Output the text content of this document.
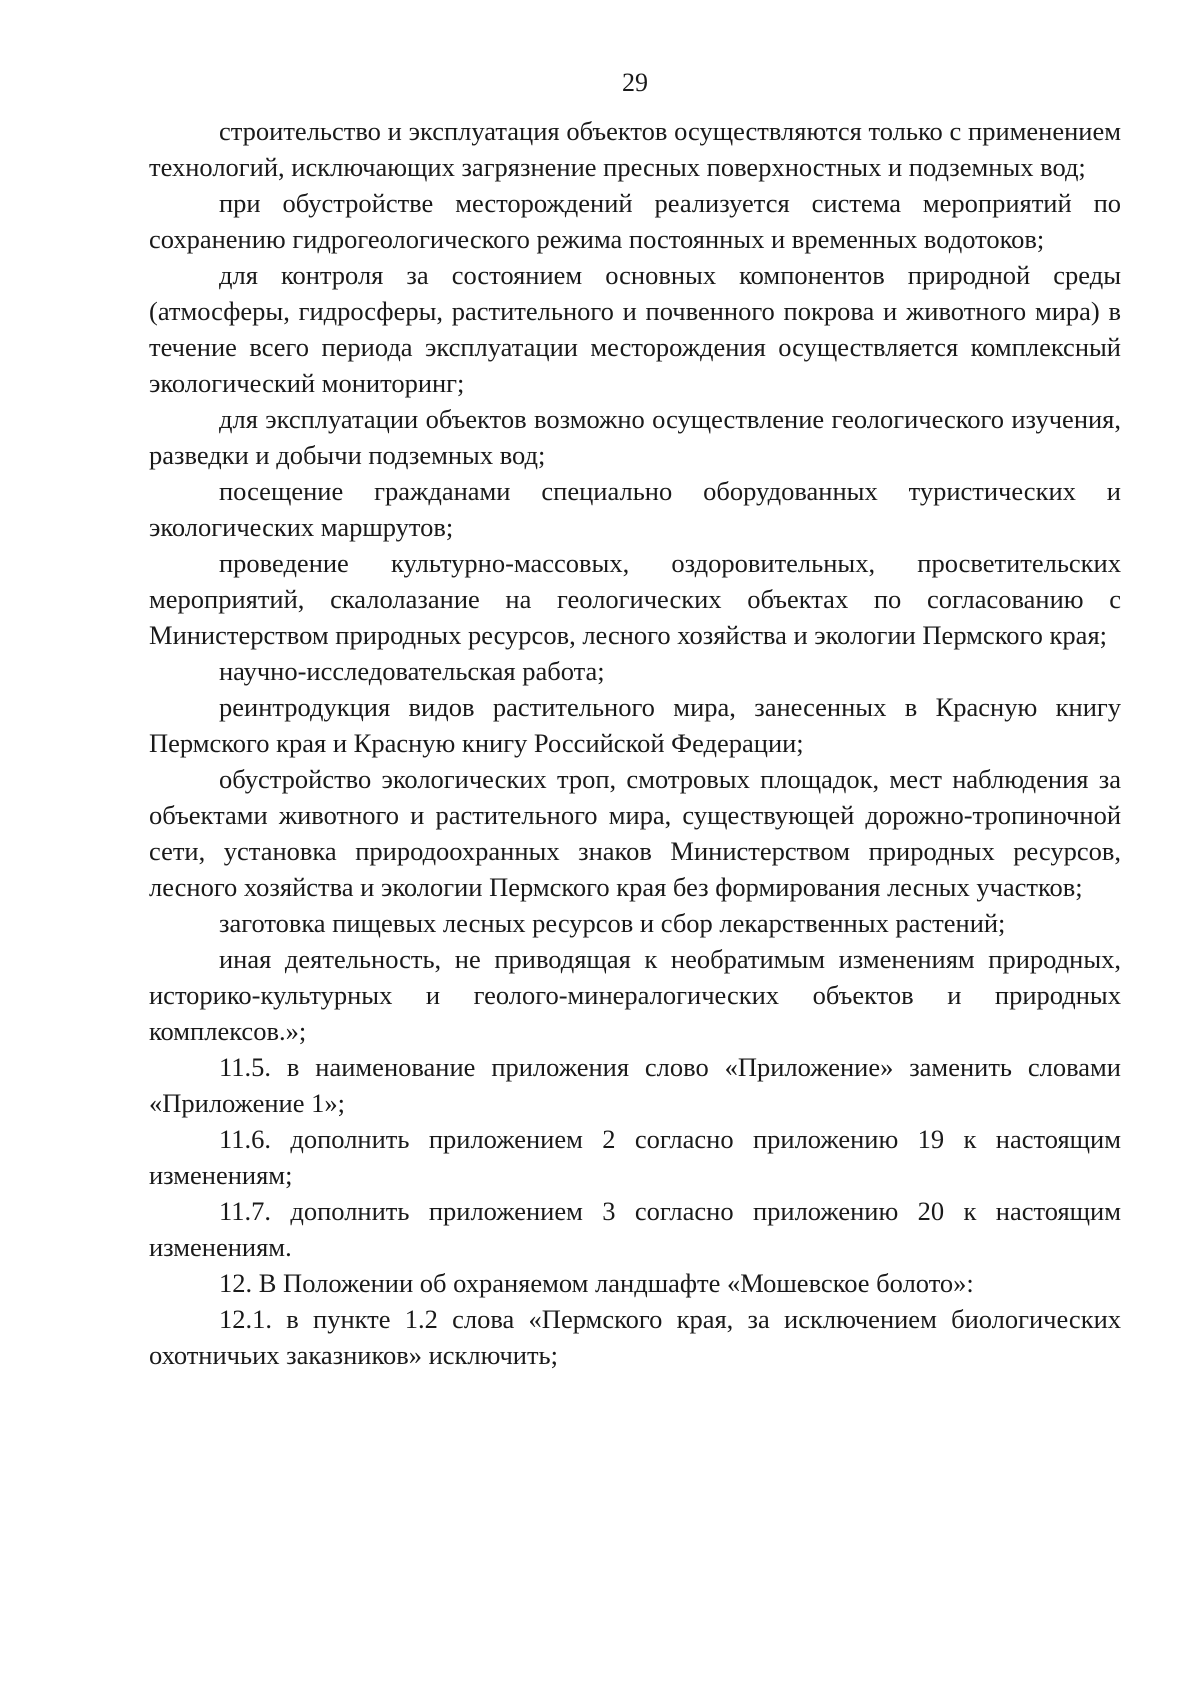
29

строительство и эксплуатация объектов осуществляются только с применением технологий, исключающих загрязнение пресных поверхностных и подземных вод;

при обустройстве месторождений реализуется система мероприятий по сохранению гидрогеологического режима постоянных и временных водотоков;

для контроля за состоянием основных компонентов природной среды (атмосферы, гидросферы, растительного и почвенного покрова и животного мира) в течение всего периода эксплуатации месторождения осуществляется комплексный экологический мониторинг;

для эксплуатации объектов возможно осуществление геологического изучения, разведки и добычи подземных вод;

посещение гражданами специально оборудованных туристических и экологических маршрутов;

проведение культурно-массовых, оздоровительных, просветительских мероприятий, скалолазание на геологических объектах по согласованию с Министерством природных ресурсов, лесного хозяйства и экологии Пермского края;

научно-исследовательская работа;

реинтродукция видов растительного мира, занесенных в Красную книгу Пермского края и Красную книгу Российской Федерации;

обустройство экологических троп, смотровых площадок, мест наблюдения за объектами животного и растительного мира, существующей дорожно-тропиночной сети, установка природоохранных знаков Министерством природных ресурсов, лесного хозяйства и экологии Пермского края без формирования лесных участков;

заготовка пищевых лесных ресурсов и сбор лекарственных растений;

иная деятельность, не приводящая к необратимым изменениям природных, историко-культурных и геолого-минералогических объектов и природных комплексов.»;

11.5. в наименование приложения слово «Приложение» заменить словами «Приложение 1»;

11.6. дополнить приложением 2 согласно приложению 19 к настоящим изменениям;

11.7. дополнить приложением 3 согласно приложению 20 к настоящим изменениям.

12. В Положении об охраняемом ландшафте «Мошевское болото»:

12.1. в пункте 1.2 слова «Пермского края, за исключением биологических охотничьих заказников» исключить;
